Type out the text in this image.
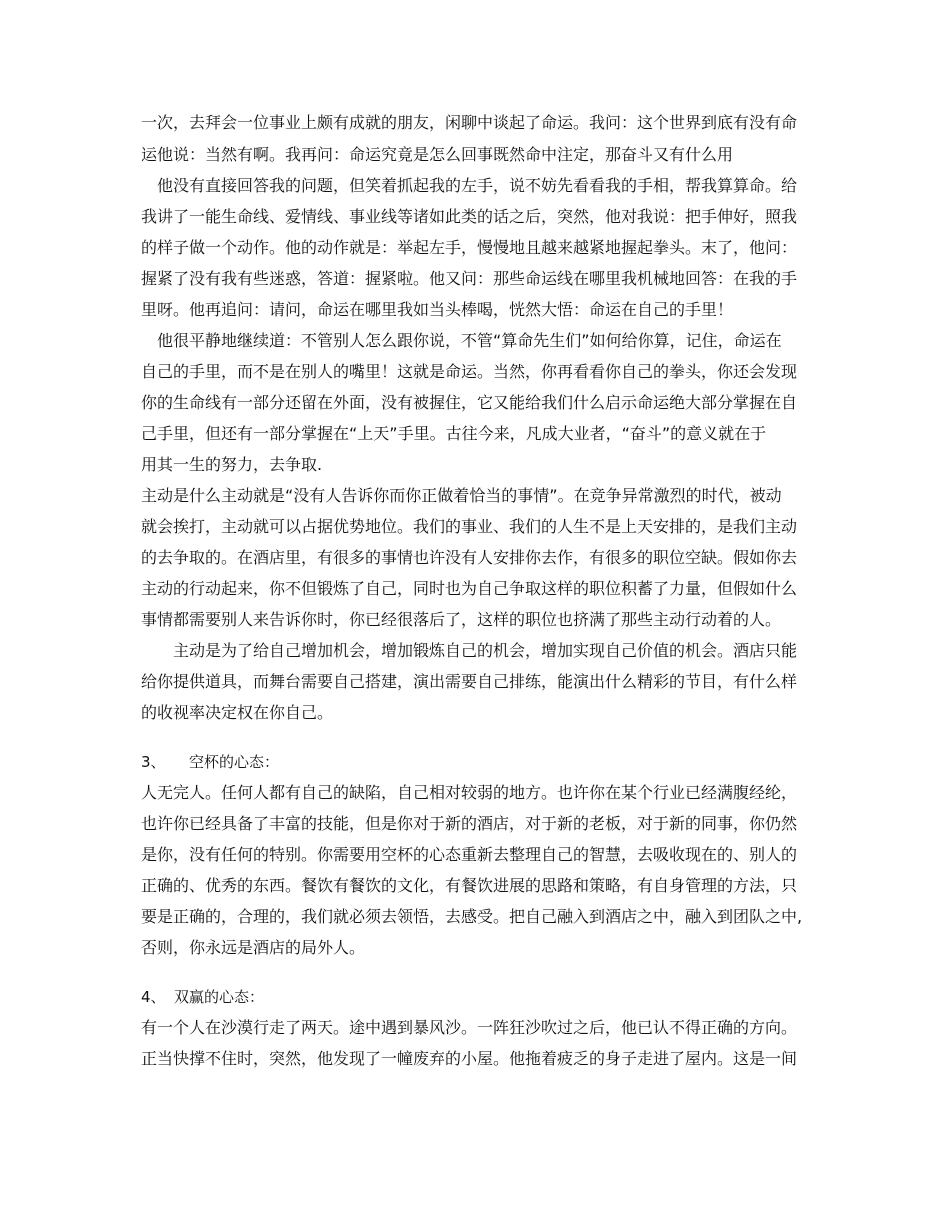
一次，去拜会一位事业上颇有成就的朋友，闲聊中谈起了命运。我问：这个世界到底有没有命
运他说：当然有啊。我再问：命运究竟是怎么回事既然命中注定，那奋斗又有什么用
　他没有直接回答我的问题，但笑着抓起我的左手，说不妨先看看我的手相，帮我算算命。给
我讲了一能生命线、爱情线、事业线等诸如此类的话之后，突然，他对我说：把手伸好，照我
的样子做一个动作。他的动作就是：举起左手，慢慢地且越来越紧地握起拳头。末了，他问：
握紧了没有我有些迷惑，答道：握紧啦。他又问：那些命运线在哪里我机械地回答：在我的手
里呀。他再追问：请问，命运在哪里我如当头棒喝，恍然大悟：命运在自己的手里！
　他很平静地继续道：不管别人怎么跟你说，不管“算命先生们”如何给你算，记住，命运在
自己的手里，而不是在别人的嘴里！这就是命运。当然，你再看看你自己的拳头，你还会发现
你的生命线有一部分还留在外面，没有被握住，它又能给我们什么启示命运绝大部分掌握在自
己手里，但还有一部分掌握在“上天”手里。古往今来，凡成大业者，“奋斗”的意义就在于
用其一生的努力，去争取.
主动是什么主动就是“没有人告诉你而你正做着恰当的事情”。在竞争异常激烈的时代，被动
就会挨打，主动就可以占据优势地位。我们的事业、我们的人生不是上天安排的，是我们主动
的去争取的。在酒店里，有很多的事情也许没有人安排你去作，有很多的职位空缺。假如你去
主动的行动起来，你不但锻炼了自己，同时也为自己争取这样的职位积蓄了力量，但假如什么
事情都需要别人来告诉你时，你已经很落后了，这样的职位也挤满了那些主动行动着的人。
　　主动是为了给自己增加机会，增加锻炼自己的机会，增加实现自己价值的机会。酒店只能
给你提供道具，而舞台需要自己搭建，演出需要自己排练，能演出什么精彩的节目，有什么样
的收视率决定权在你自己。
3、 空杯的心态：
人无完人。任何人都有自己的缺陷，自己相对较弱的地方。也许你在某个行业已经满腹经纶，
也许你已经具备了丰富的技能，但是你对于新的酒店，对于新的老板，对于新的同事，你仍然
是你，没有任何的特别。你需要用空杯的心态重新去整理自己的智慧，去吸收现在的、别人的
正确的、优秀的东西。餐饮有餐饮的文化，有餐饮进展的思路和策略，有自身管理的方法，只
要是正确的，合理的，我们就必须去领悟，去感受。把自己融入到酒店之中，融入到团队之中,
否则，你永远是酒店的局外人。
4、 双赢的心态：
有一个人在沙漠行走了两天。途中遇到暴风沙。一阵狂沙吹过之后，他已认不得正确的方向。
正当快撑不住时，突然，他发现了一幢废弃的小屋。他拖着疲乏的身子走进了屋内。这是一间
